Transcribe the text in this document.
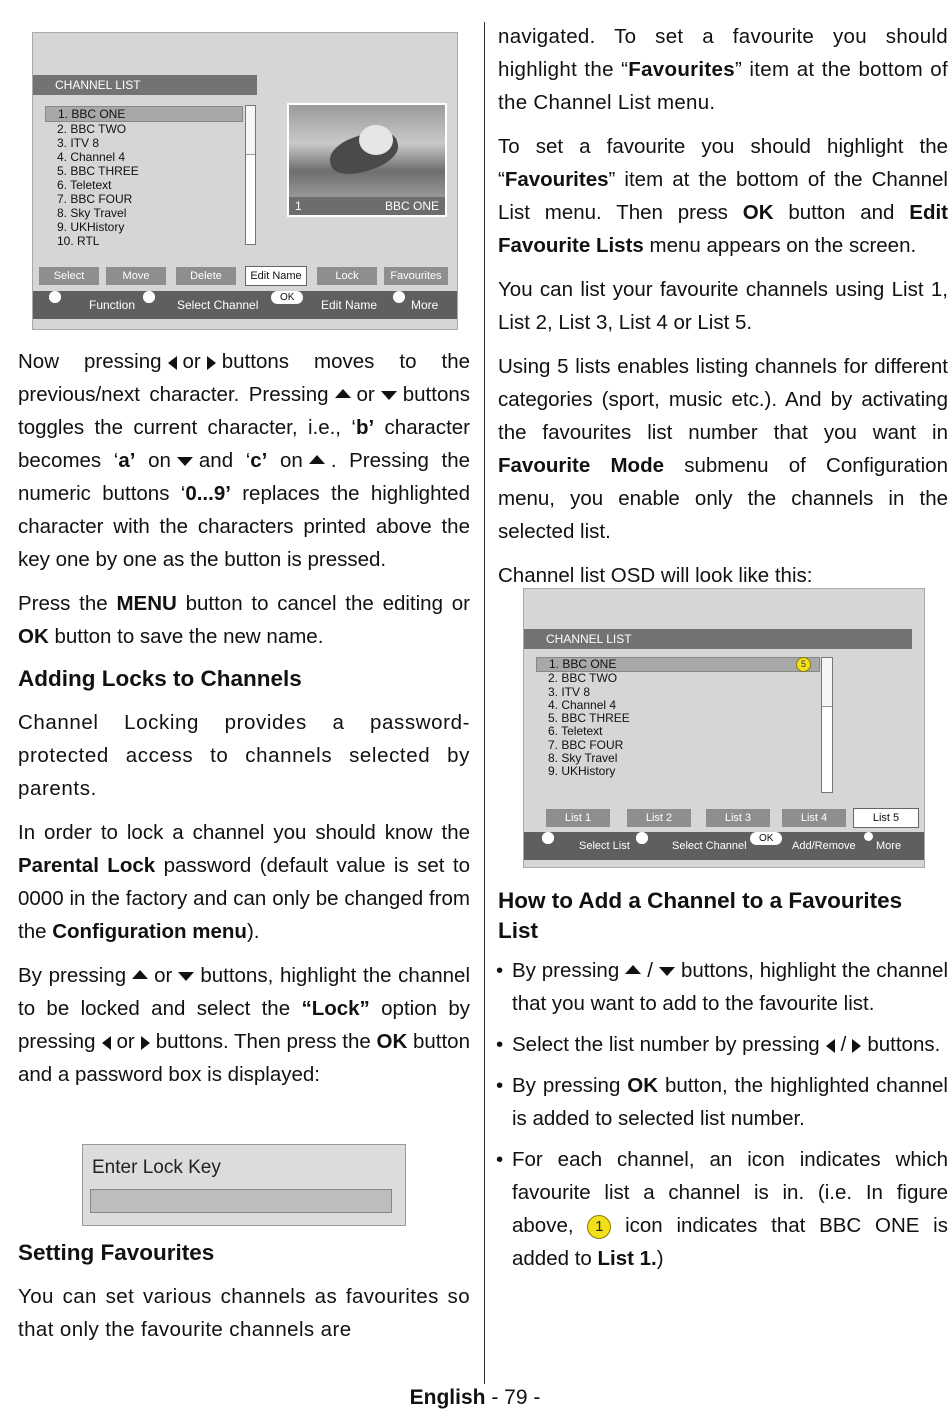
CHANNEL LIST
1. BBC ONE
2. BBC TWO
3. ITV 8
4. Channel 4
5. BBC THREE
6. Teletext
7. BBC FOUR
8. Sky Travel
9. UKHistory
10. RTL
1	BBC ONE
Select	Move	Delete	Edit Name	Lock	Favourites
Function	Select Channel
OK
Edit Name	More

Now pressing or buttons moves to the previous/next character. Pressing or buttons toggles the current character, i.e., ‘b’ character becomes ‘a’ on and ‘c’ on . Pressing the numeric buttons ‘0...9’ replaces the highlighted character with the characters printed above the key one by one as the button is pressed.

Press the MENU button to cancel the editing or OK button to save the new name.

Adding Locks to Channels

Channel Locking provides a password-protected access to channels selected by parents.

In order to lock a channel you should know the Parental Lock password (default value is set to 0000 in the factory and can only be changed from the Configuration menu).

By pressing or buttons, highlight the channel to be locked and select the “Lock” option by pressing or buttons. Then press the OK button and a password box is displayed:

Enter Lock Key
Setting Favourites

You can set various channels as favourites so that only the favourite channels are

navigated. To set a favourite you should highlight the “Favourites” item at the bottom of the Channel List menu.

To set a favourite you should highlight the “Favourites” item at the bottom of the Channel List menu. Then press OK button and Edit Favourite Lists menu appears on the screen.

You can list your favourite channels using List 1, List 2, List 3, List 4 or List 5.

Using 5 lists enables listing channels for different categories (sport, music etc.). And by activating the favourites list number that you want in Favourite Mode submenu of Configuration menu, you enable only the channels in the selected list.

Channel list OSD will look like this:

CHANNEL LIST
1. BBC ONE
2. BBC TWO
3. ITV 8
4. Channel 4
5. BBC THREE
6. Teletext
7. BBC FOUR
8. Sky Travel
9. UKHistory
5
List 1	List 2	List 3	List 4	List 5
Select List	Select Channel
OK
Add/Remove More
How to Add a Channel to a Favourites List
• By pressing / buttons, highlight the channel that you want to add to the favourite list.
• Select the list number by pressing / buttons.
• By pressing OK button, the highlighted channel is added to selected list number.
• For each channel, an icon indicates which favourite list a channel is in. (i.e. In figure above, 1 icon indicates that BBC ONE is added to List 1.)
English - 79 -
